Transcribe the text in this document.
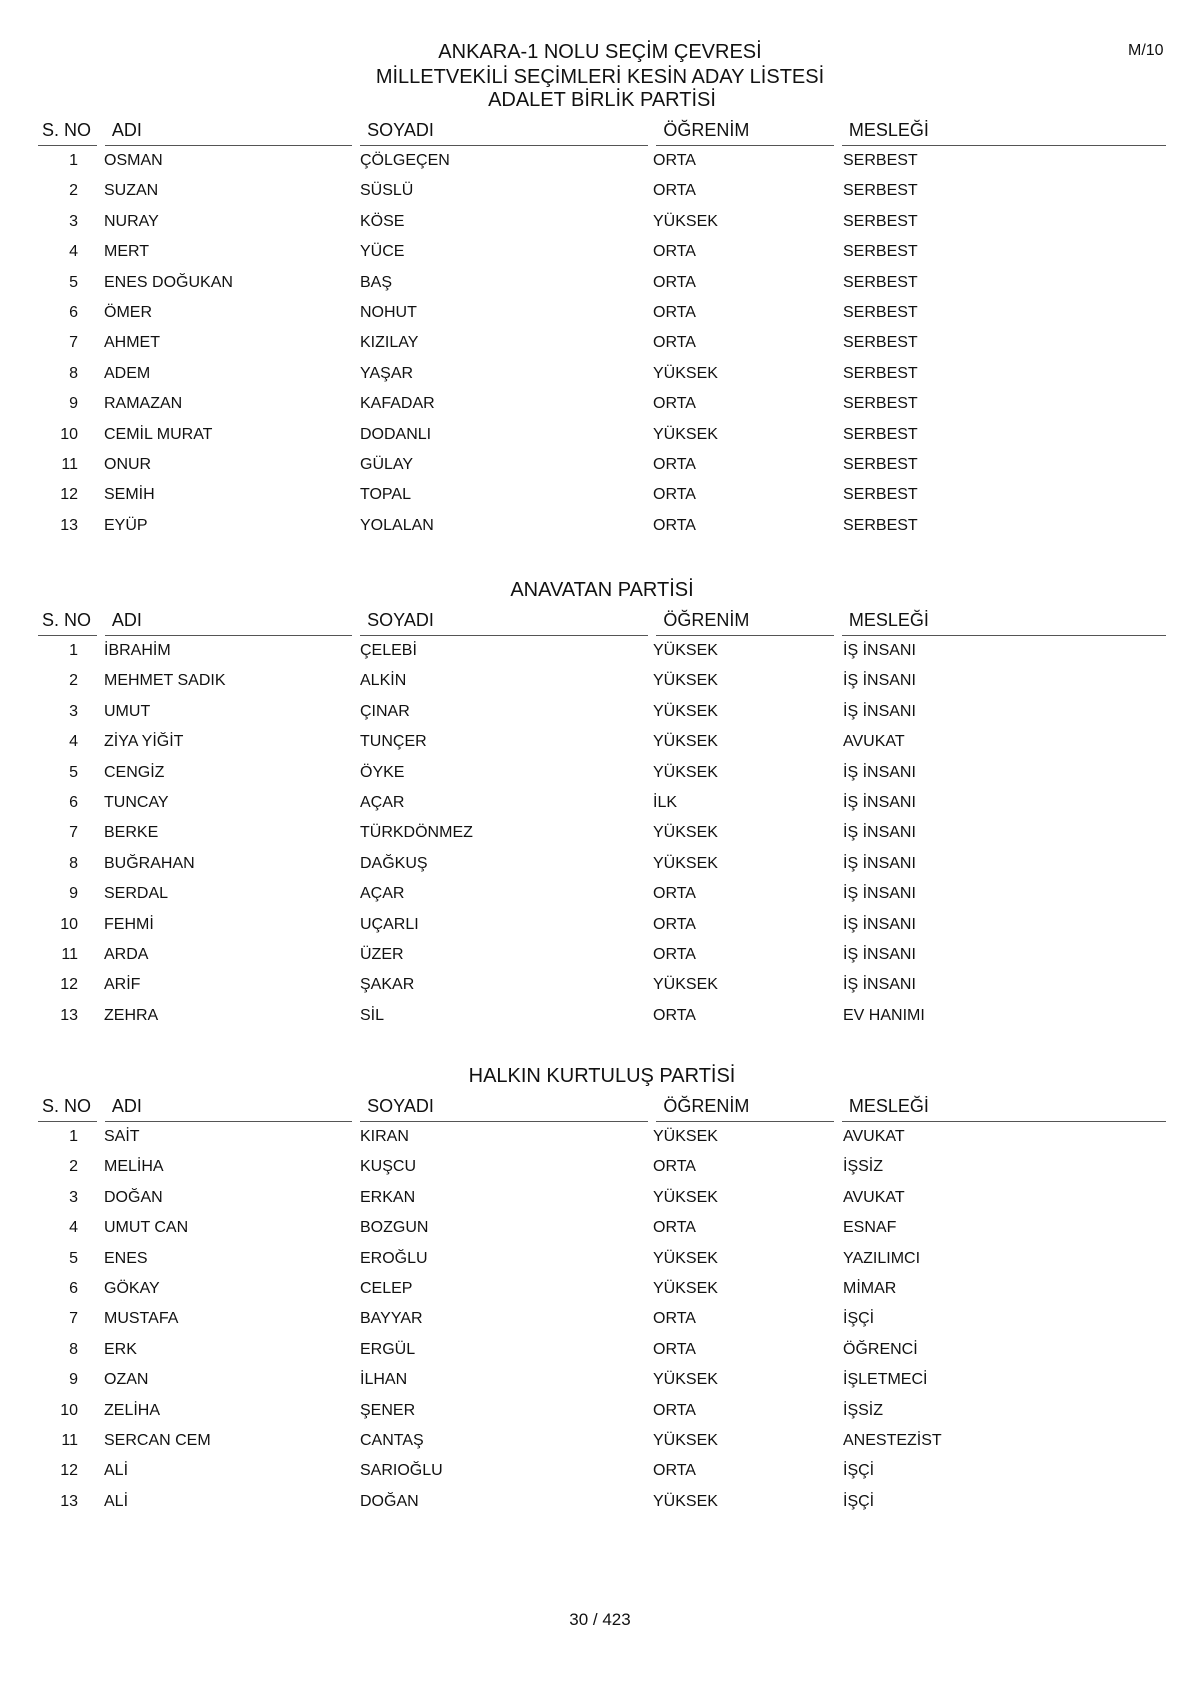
M/10
ANKARA-1 NOLU SEÇİM ÇEVRESİ
MİLLETVEKİLİ SEÇİMLERİ KESİN ADAY LİSTESİ
ADALET BİRLİK PARTİSİ
S. NO	ADI	SOYADI	ÖĞRENİM	MESLEĞİ
1	OSMAN	ÇÖLGEÇEN	ORTA	SERBEST
2	SUZAN	SÜSLÜ	ORTA	SERBEST
3	NURAY	KÖSE	YÜKSEK	SERBEST
4	MERT	YÜCE	ORTA	SERBEST
5	ENES DOĞUKAN	BAŞ	ORTA	SERBEST
6	ÖMER	NOHUT	ORTA	SERBEST
7	AHMET	KIZILAY	ORTA	SERBEST
8	ADEM	YAŞAR	YÜKSEK	SERBEST
9	RAMAZAN	KAFADAR	ORTA	SERBEST
10	CEMİL MURAT	DODANLI	YÜKSEK	SERBEST
11	ONUR	GÜLAY	ORTA	SERBEST
12	SEMİH	TOPAL	ORTA	SERBEST
13	EYÜP	YOLALAN	ORTA	SERBEST
ANAVATAN PARTİSİ
S. NO	ADI	SOYADI	ÖĞRENİM	MESLEĞİ
1	İBRAHİM	ÇELEBİ	YÜKSEK	İŞ İNSANI
2	MEHMET SADIK	ALKİN	YÜKSEK	İŞ İNSANI
3	UMUT	ÇINAR	YÜKSEK	İŞ İNSANI
4	ZİYA YİĞİT	TUNÇER	YÜKSEK	AVUKAT
5	CENGİZ	ÖYKE	YÜKSEK	İŞ İNSANI
6	TUNCAY	AÇAR	İLK	İŞ İNSANI
7	BERKE	TÜRKDÖNMEZ	YÜKSEK	İŞ İNSANI
8	BUĞRAHAN	DAĞKUŞ	YÜKSEK	İŞ İNSANI
9	SERDAL	AÇAR	ORTA	İŞ İNSANI
10	FEHMİ	UÇARLI	ORTA	İŞ İNSANI
11	ARDA	ÜZER	ORTA	İŞ İNSANI
12	ARİF	ŞAKAR	YÜKSEK	İŞ İNSANI
13	ZEHRA	SİL	ORTA	EV HANIMI
HALKIN KURTULUŞ PARTİSİ
S. NO	ADI	SOYADI	ÖĞRENİM	MESLEĞİ
1	SAİT	KIRAN	YÜKSEK	AVUKAT
2	MELİHA	KUŞCU	ORTA	İŞSİZ
3	DOĞAN	ERKAN	YÜKSEK	AVUKAT
4	UMUT CAN	BOZGUN	ORTA	ESNAF
5	ENES	EROĞLU	YÜKSEK	YAZILIMCI
6	GÖKAY	CELEP	YÜKSEK	MİMAR
7	MUSTAFA	BAYYAR	ORTA	İŞÇİ
8	ERK	ERGÜL	ORTA	ÖĞRENCİ
9	OZAN	İLHAN	YÜKSEK	İŞLETMECİ
10	ZELİHA	ŞENER	ORTA	İŞSİZ
11	SERCAN CEM	CANTAŞ	YÜKSEK	ANESTEZİST
12	ALİ	SARIOĞLU	ORTA	İŞÇİ
13	ALİ	DOĞAN	YÜKSEK	İŞÇİ
30 / 423
